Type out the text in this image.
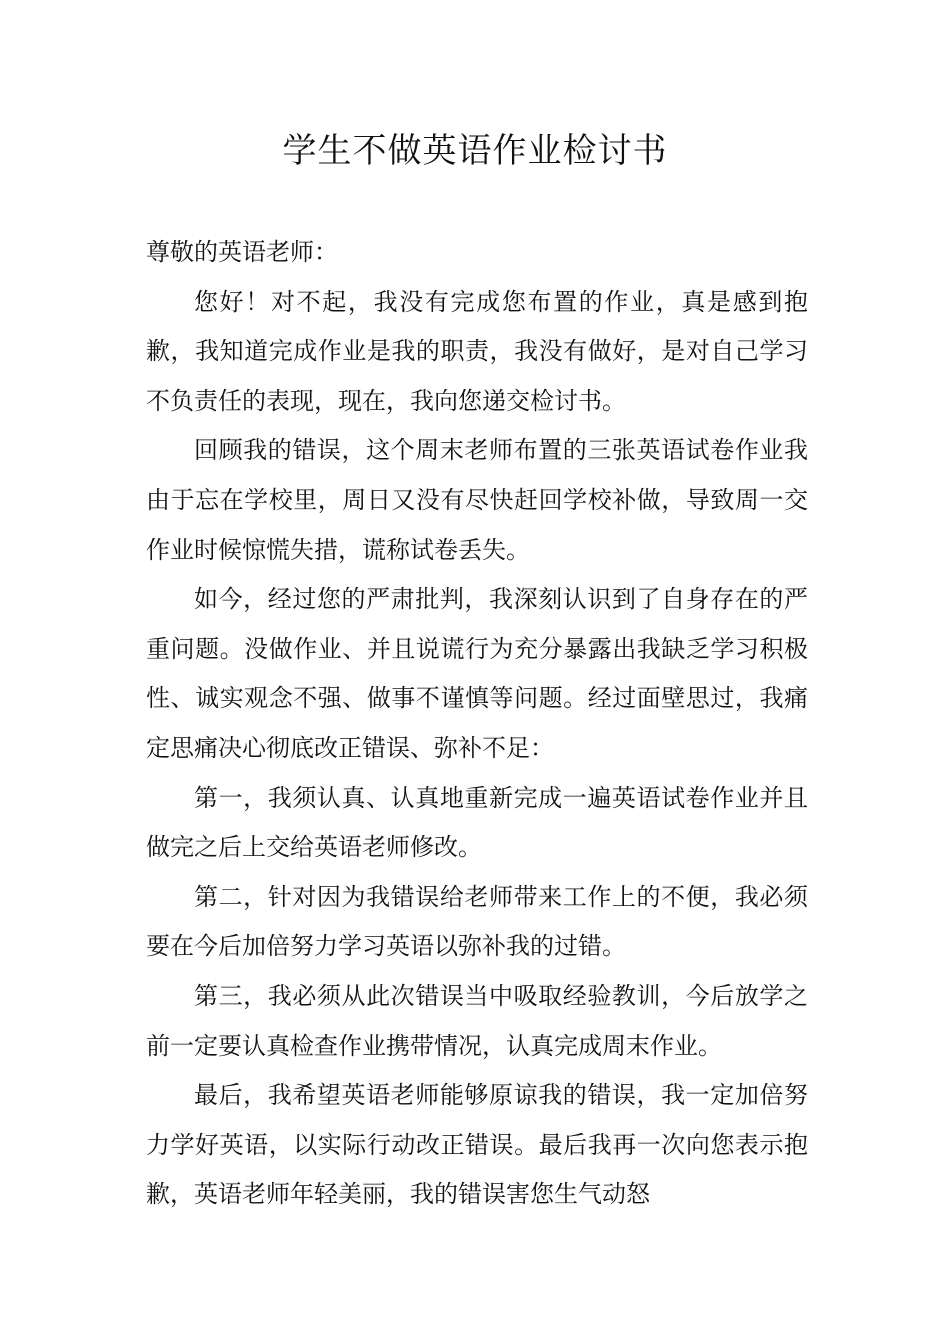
学生不做英语作业检讨书

尊敬的英语老师：

您好！对不起，我没有完成您布置的作业，真是感到抱歉，我知道完成作业是我的职责，我没有做好，是对自己学习不负责任的表现，现在，我向您递交检讨书。

回顾我的错误，这个周末老师布置的三张英语试卷作业我由于忘在学校里，周日又没有尽快赶回学校补做，导致周一交作业时候惊慌失措，谎称试卷丢失。

如今，经过您的严肃批判，我深刻认识到了自身存在的严重问题。没做作业、并且说谎行为充分暴露出我缺乏学习积极性、诚实观念不强、做事不谨慎等问题。经过面壁思过，我痛定思痛决心彻底改正错误、弥补不足：

第一，我须认真、认真地重新完成一遍英语试卷作业并且做完之后上交给英语老师修改。

第二，针对因为我错误给老师带来工作上的不便，我必须要在今后加倍努力学习英语以弥补我的过错。

第三，我必须从此次错误当中吸取经验教训，今后放学之前一定要认真检查作业携带情况，认真完成周末作业。

最后，我希望英语老师能够原谅我的错误，我一定加倍努力学好英语，以实际行动改正错误。最后我再一次向您表示抱歉，英语老师年轻美丽，我的错误害您生气动怒
